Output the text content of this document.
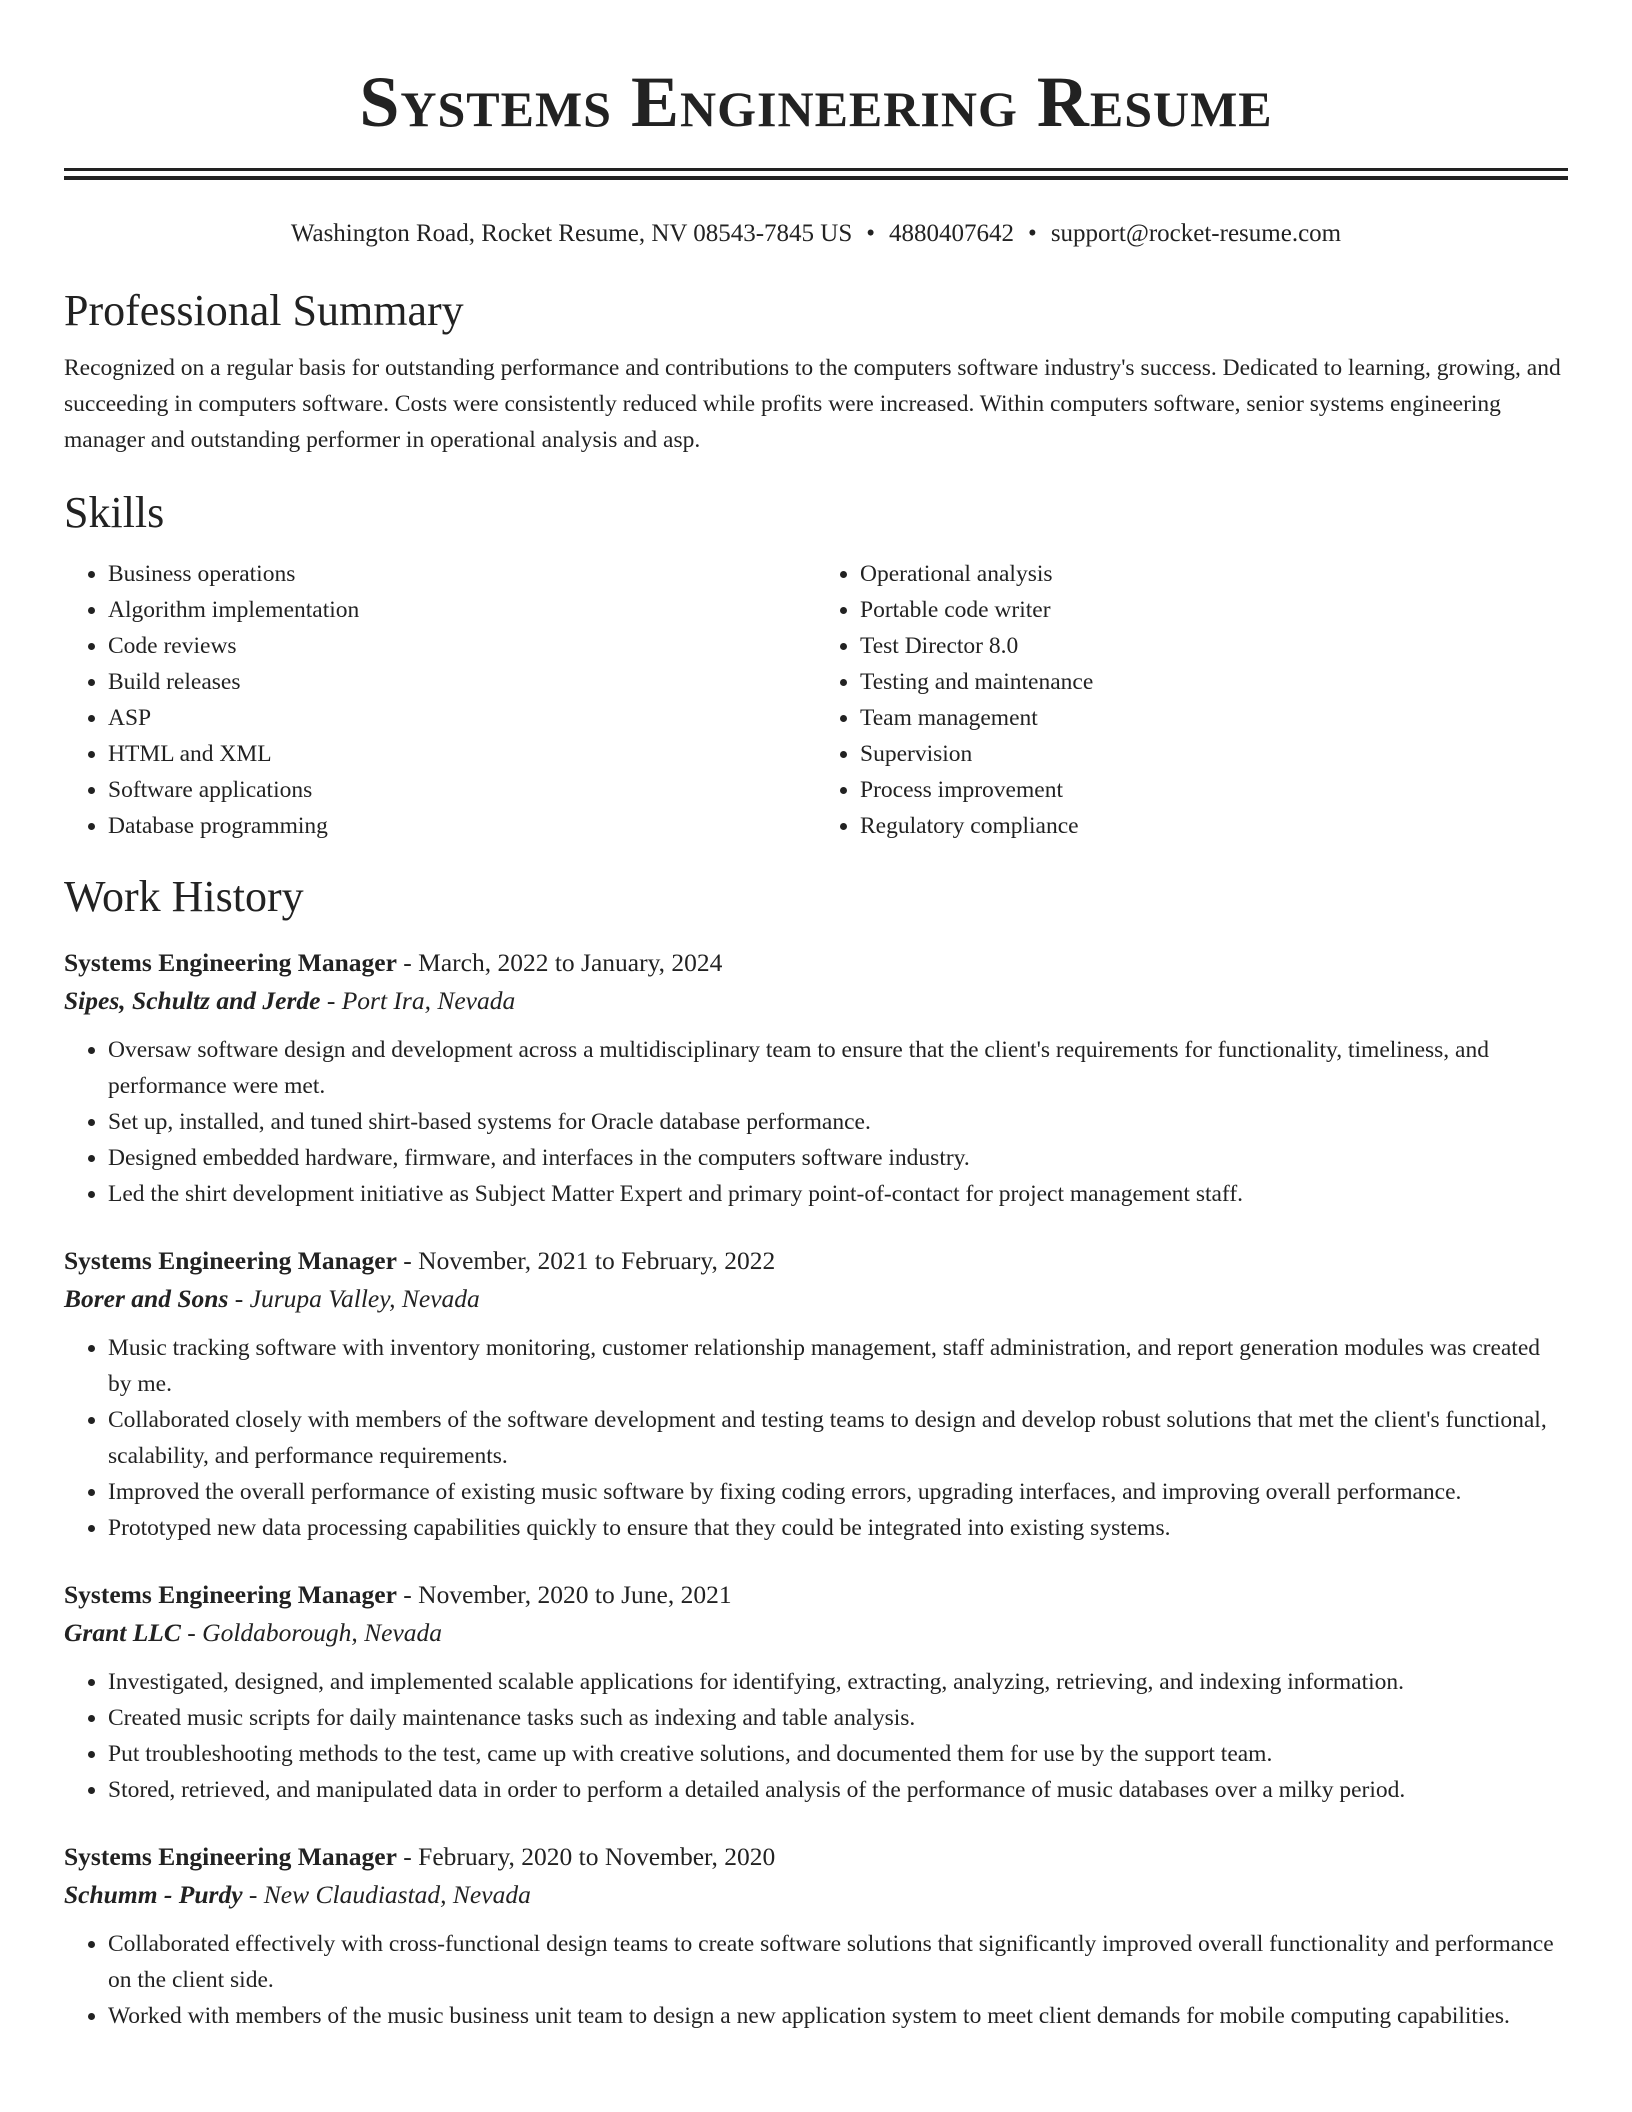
Systems Engineering Resume
Washington Road, Rocket Resume, NV 08543-7845 US • 4880407642 • support@rocket-resume.com
Professional Summary
Recognized on a regular basis for outstanding performance and contributions to the computers software industry's success. Dedicated to learning, growing, and succeeding in computers software. Costs were consistently reduced while profits were increased. Within computers software, senior systems engineering manager and outstanding performer in operational analysis and asp.
Skills
• Business operations
• Algorithm implementation
• Code reviews
• Build releases
• ASP
• HTML and XML
• Software applications
• Database programming
• Operational analysis
• Portable code writer
• Test Director 8.0
• Testing and maintenance
• Team management
• Supervision
• Process improvement
• Regulatory compliance
Work History
Systems Engineering Manager - March, 2022 to January, 2024
Sipes, Schultz and Jerde - Port Ira, Nevada
• Oversaw software design and development across a multidisciplinary team to ensure that the client's requirements for functionality, timeliness, and performance were met.
• Set up, installed, and tuned shirt-based systems for Oracle database performance.
• Designed embedded hardware, firmware, and interfaces in the computers software industry.
• Led the shirt development initiative as Subject Matter Expert and primary point-of-contact for project management staff.
Systems Engineering Manager - November, 2021 to February, 2022
Borer and Sons - Jurupa Valley, Nevada
• Music tracking software with inventory monitoring, customer relationship management, staff administration, and report generation modules was created by me.
• Collaborated closely with members of the software development and testing teams to design and develop robust solutions that met the client's functional, scalability, and performance requirements.
• Improved the overall performance of existing music software by fixing coding errors, upgrading interfaces, and improving overall performance.
• Prototyped new data processing capabilities quickly to ensure that they could be integrated into existing systems.
Systems Engineering Manager - November, 2020 to June, 2021
Grant LLC - Goldaborough, Nevada
• Investigated, designed, and implemented scalable applications for identifying, extracting, analyzing, retrieving, and indexing information.
• Created music scripts for daily maintenance tasks such as indexing and table analysis.
• Put troubleshooting methods to the test, came up with creative solutions, and documented them for use by the support team.
• Stored, retrieved, and manipulated data in order to perform a detailed analysis of the performance of music databases over a milky period.
Systems Engineering Manager - February, 2020 to November, 2020
Schumm - Purdy - New Claudiastad, Nevada
• Collaborated effectively with cross-functional design teams to create software solutions that significantly improved overall functionality and performance on the client side.
• Worked with members of the music business unit team to design a new application system to meet client demands for mobile computing capabilities.
